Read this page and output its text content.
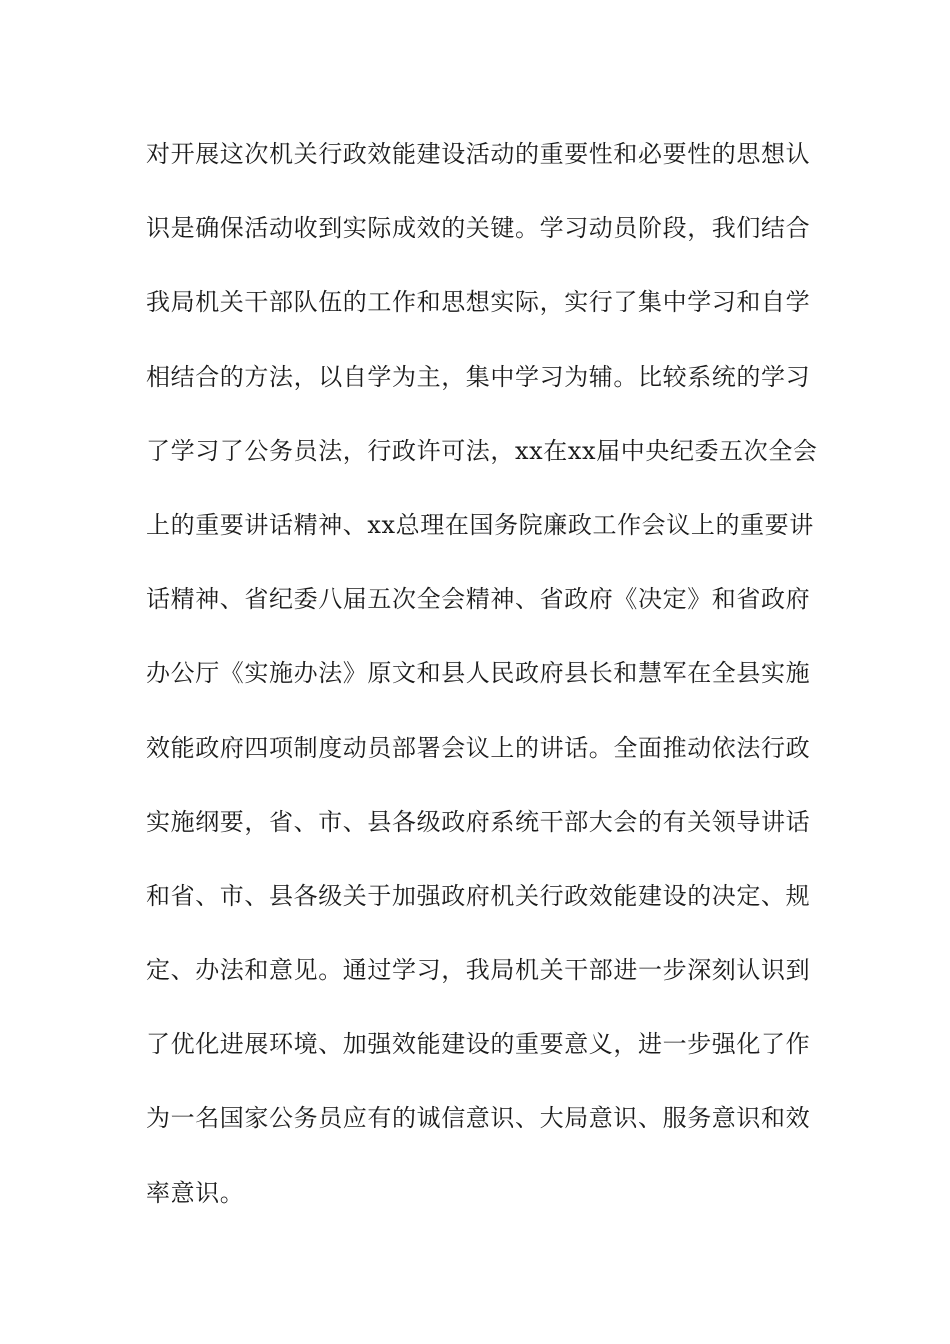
对开展这次机关行政效能建设活动的重要性和必要性的思想认
识是确保活动收到实际成效的关键。学习动员阶段，我们结合
我局机关干部队伍的工作和思想实际，实行了集中学习和自学
相结合的方法，以自学为主，集中学习为辅。比较系统的学习
了学习了公务员法，行政许可法，xx在xx届中央纪委五次全会
上的重要讲话精神、xx总理在国务院廉政工作会议上的重要讲
话精神、省纪委八届五次全会精神、省政府《决定》和省政府
办公厅《实施办法》原文和县人民政府县长和慧军在全县实施
效能政府四项制度动员部署会议上的讲话。全面推动依法行政
实施纲要，省、市、县各级政府系统干部大会的有关领导讲话
和省、市、县各级关于加强政府机关行政效能建设的决定、规
定、办法和意见。通过学习，我局机关干部进一步深刻认识到
了优化进展环境、加强效能建设的重要意义，进一步强化了作
为一名国家公务员应有的诚信意识、大局意识、服务意识和效
率意识。
